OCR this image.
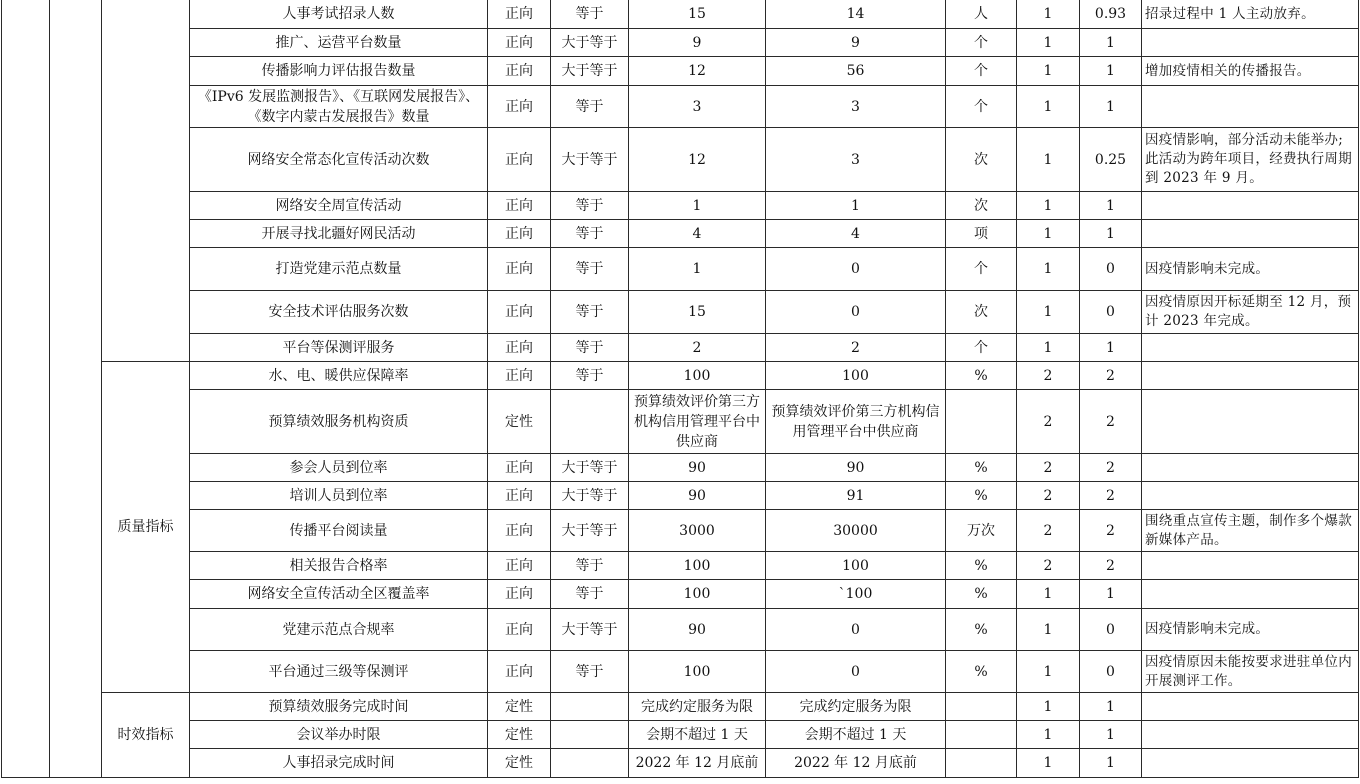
			人事考试招录人数	正向	等于	15	14	人	1	0.93	招录过程中 1 人主动放弃。
			推广、运营平台数量	正向	大于等于	9	9	个	1	1	
			传播影响力评估报告数量	正向	大于等于	12	56	个	1	1	增加疫情相关的传播报告。
			《IPv6 发展监测报告》、《互联网发展报告》、《数字内蒙古发展报告》数量	正向	等于	3	3	个	1	1	
			网络安全常态化宣传活动次数	正向	大于等于	12	3	次	1	0.25	因疫情影响，部分活动未能举办;此活动为跨年项目，经费执行周期到 2023 年 9 月。
			网络安全周宣传活动	正向	等于	1	1	次	1	1	
			开展寻找北疆好网民活动	正向	等于	4	4	项	1	1	
			打造党建示范点数量	正向	等于	1	0	个	1	0	因疫情影响未完成。
			安全技术评估服务次数	正向	等于	15	0	次	1	0	因疫情原因开标延期至 12 月，预计 2023 年完成。
			平台等保测评服务	正向	等于	2	2	个	1	1	
		质量指标	水、电、暖供应保障率	正向	等于	100	100	%	2	2	
			预算绩效服务机构资质	定性		预算绩效评价第三方机构信用管理平台中供应商	预算绩效评价第三方机构信用管理平台中供应商		2	2	
			参会人员到位率	正向	大于等于	90	90	%	2	2	
			培训人员到位率	正向	大于等于	90	91	%	2	2	
			传播平台阅读量	正向	大于等于	3000	30000	万次	2	2	围绕重点宣传主题，制作多个爆款新媒体产品。
			相关报告合格率	正向	等于	100	100	%	2	2	
			网络安全宣传活动全区覆盖率	正向	等于	100	`100	%	1	1	
			党建示范点合规率	正向	大于等于	90	0	%	1	0	因疫情影响未完成。
			平台通过三级等保测评	正向	等于	100	0	%	1	0	因疫情原因未能按要求进驻单位内开展测评工作。
		时效指标	预算绩效服务完成时间	定性		完成约定服务为限	完成约定服务为限		1	1	
			会议举办时限	定性		会期不超过 1 天	会期不超过 1 天		1	1	
			人事招录完成时间	定性		2022 年 12 月底前	2022 年 12 月底前		1	1	
